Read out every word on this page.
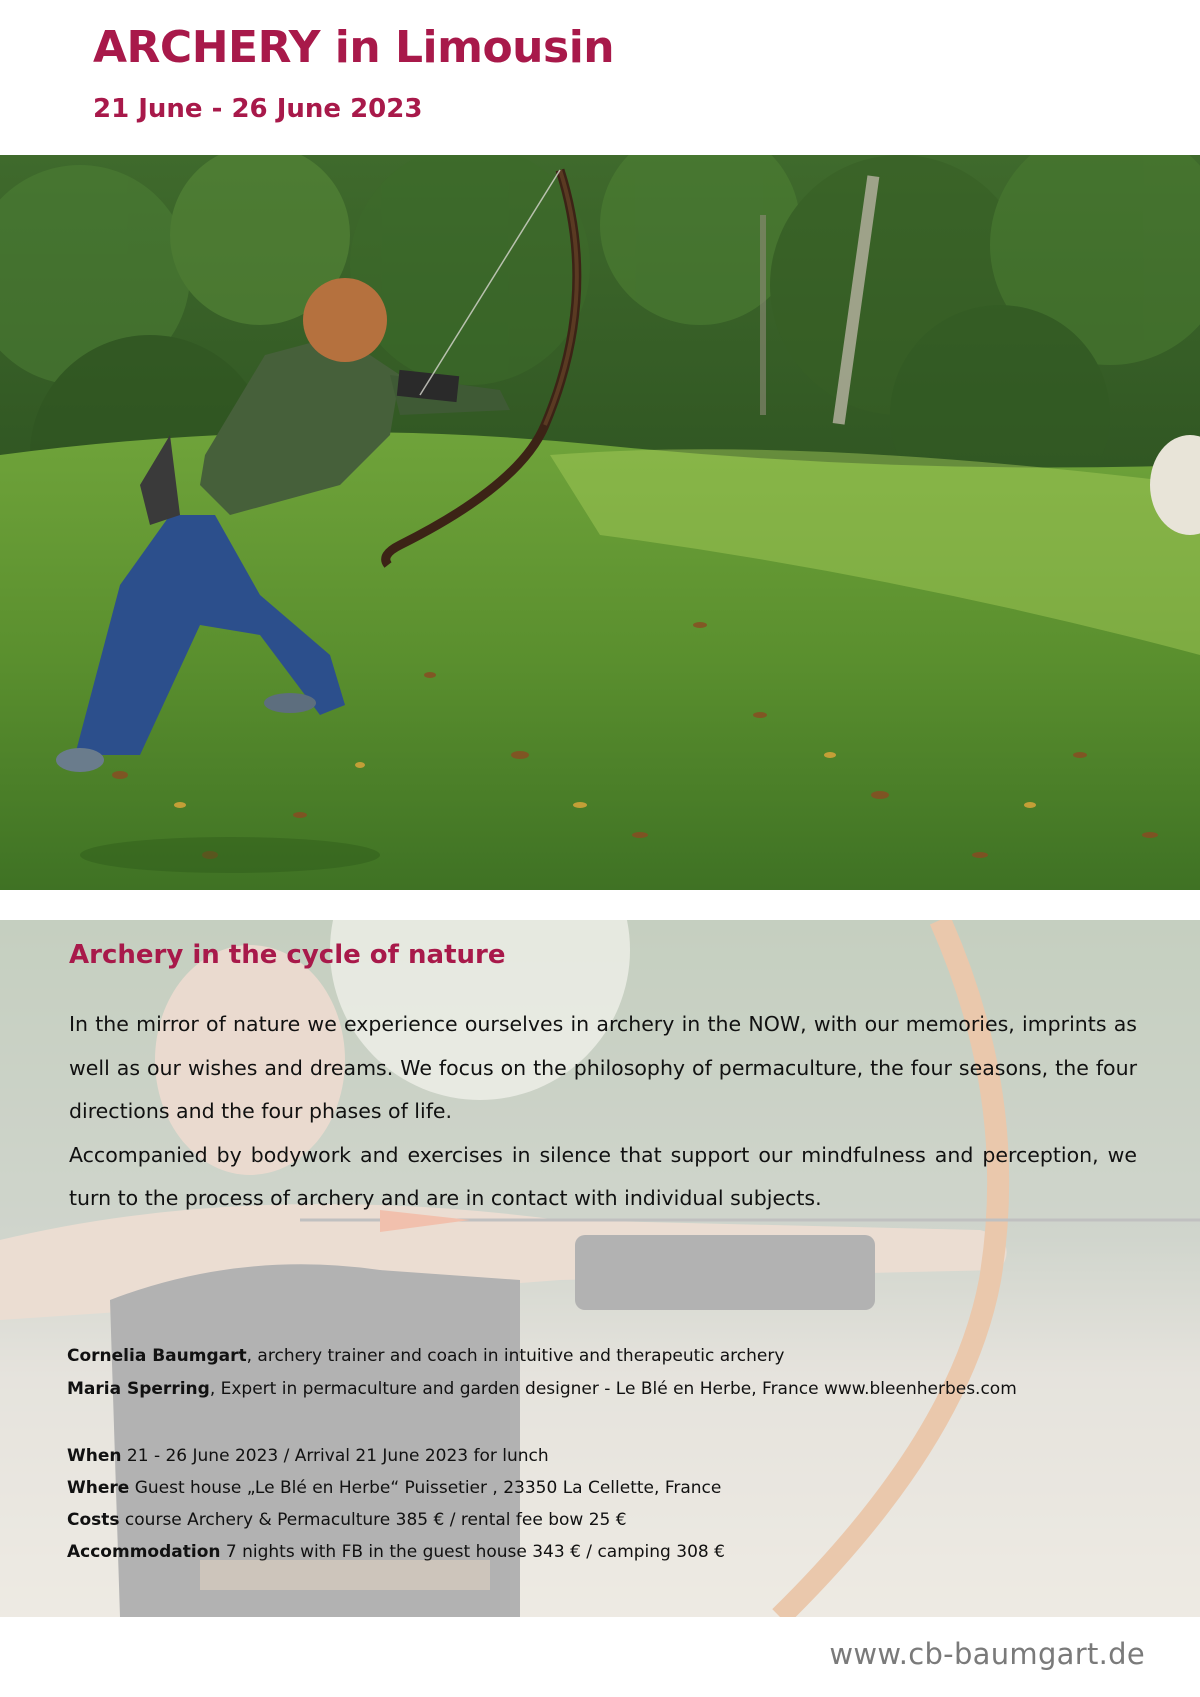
ARCHERY in Limousin
21 June - 26 June 2023
Archery in the cycle of nature

In the mirror of nature we experience ourselves in archery in the NOW, with our memories, imprints as well as our wishes and dreams. We focus on the philosophy of permaculture, the four seasons, the four directions and the four phases of life.

Accompanied by bodywork and exercises in silence that support our mindfulness and perception, we turn to the process of archery and are in contact with individual subjects.

Cornelia Baumgart, archery trainer and coach in intuitive and therapeutic archery
Maria Sperring, Expert in permaculture and garden designer - Le Blé en Herbe, France www.bleenherbes.com
When 21 - 26 June 2023 / Arrival 21 June 2023 for lunch
Where Guest house „Le Blé en Herbe“ Puissetier , 23350 La Cellette, France
Costs course Archery & Permaculture 385 € / rental fee bow 25 €
Accommodation 7 nights with FB in the guest house 343 € / camping 308 €
www.cb-baumgart.de
